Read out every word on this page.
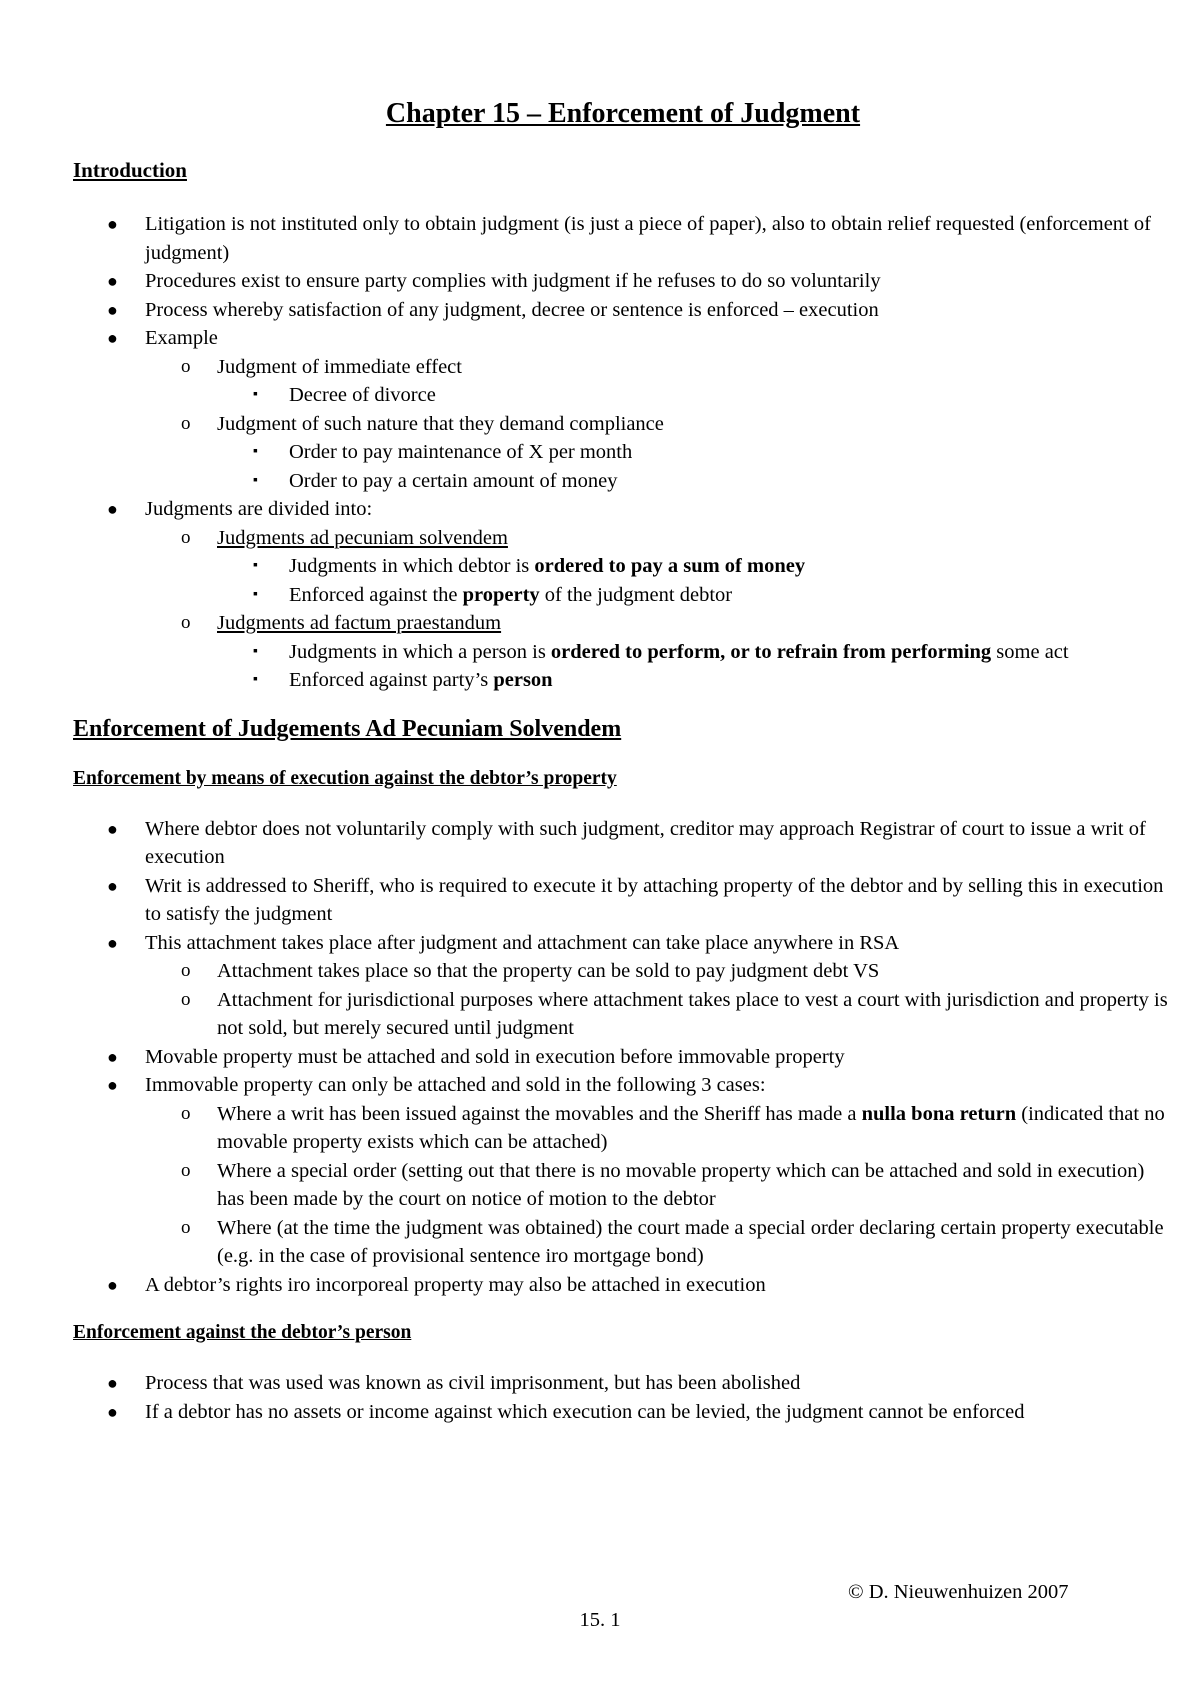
Chapter 15 – Enforcement of Judgment
Introduction
● Litigation is not instituted only to obtain judgment (is just a piece of paper), also to obtain relief requested (enforcement of judgment)
● Procedures exist to ensure party complies with judgment if he refuses to do so voluntarily
● Process whereby satisfaction of any judgment, decree or sentence is enforced – execution
● Example
o Judgment of immediate effect
▪ Decree of divorce
o Judgment of such nature that they demand compliance
▪ Order to pay maintenance of X per month
▪ Order to pay a certain amount of money
● Judgments are divided into:
o Judgments ad pecuniam solvendem
▪ Judgments in which debtor is ordered to pay a sum of money
▪ Enforced against the property of the judgment debtor
o Judgments ad factum praestandum
▪ Judgments in which a person is ordered to perform, or to refrain from performing some act
▪ Enforced against party’s person
Enforcement of Judgements Ad Pecuniam Solvendem
Enforcement by means of execution against the debtor’s property
● Where debtor does not voluntarily comply with such judgment, creditor may approach Registrar of court to issue a writ of execution
● Writ is addressed to Sheriff, who is required to execute it by attaching property of the debtor and by selling this in execution to satisfy the judgment
● This attachment takes place after judgment and attachment can take place anywhere in RSA
o Attachment takes place so that the property can be sold to pay judgment debt VS
o Attachment for jurisdictional purposes where attachment takes place to vest a court with jurisdiction and property is not sold, but merely secured until judgment
● Movable property must be attached and sold in execution before immovable property
● Immovable property can only be attached and sold in the following 3 cases:
o Where a writ has been issued against the movables and the Sheriff has made a nulla bona return (indicated that no movable property exists which can be attached)
o Where a special order (setting out that there is no movable property which can be attached and sold in execution) has been made by the court on notice of motion to the debtor
o Where (at the time the judgment was obtained) the court made a special order declaring certain property executable (e.g. in the case of provisional sentence iro mortgage bond)
● A debtor’s rights iro incorporeal property may also be attached in execution
Enforcement against the debtor’s person
● Process that was used was known as civil imprisonment, but has been abolished
● If a debtor has no assets or income against which execution can be levied, the judgment cannot be enforced
© D. Nieuwenhuizen 2007
15. 1
